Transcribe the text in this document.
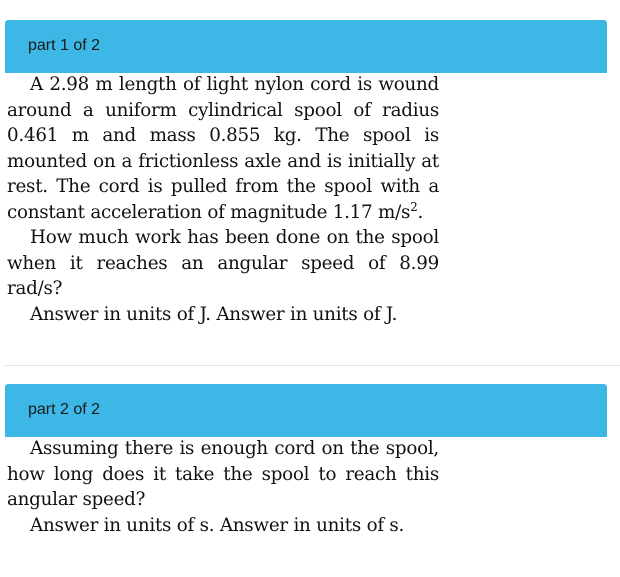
part 1 of 2

A 2.98 m length of light nylon cord is wound around a uniform cylindrical spool of radius 0.461 m and mass 0.855 kg. The spool is mounted on a frictionless axle and is initially at rest. The cord is pulled from the spool with a constant acceleration of magnitude 1.17 $m/s^2$.

How much work has been done on the spool when it reaches an angular speed of 8.99 rad/s?

Answer in units of J. Answer in units of J.

part 2 of 2

Assuming there is enough cord on the spool, how long does it take the spool to reach this angular speed?

Answer in units of s. Answer in units of s.
